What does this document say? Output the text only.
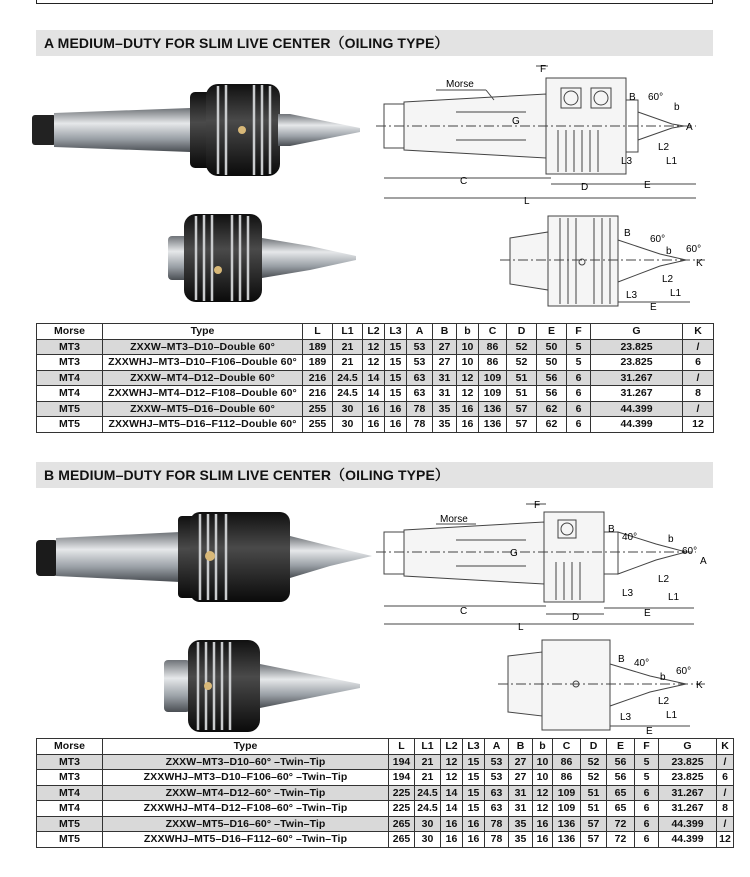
A MEDIUM–DUTY FOR SLIM LIVE CENTER（OILING TYPE）
Morse
F
B 60°
b
A
G
L3
L2
L1
C
D	E
L
B
60°
60°
K
b
L3
L2
L1
E
Morse	Type	L	L1	L2	L3	A	B	b	C	D	E	F	G	K
MT3	ZXXW–MT3–D10–Double 60°	189	21	12	15	53	27	10	86	52	50	5	23.825	/
MT3	ZXXWHJ–MT3–D10–F106–Double 60°	189	21	12	15	53	27	10	86	52	50	5	23.825	6
MT4	ZXXW–MT4–D12–Double 60°	216	24.5	14	15	63	31	12	109	51	56	6	31.267	/
MT4	ZXXWHJ–MT4–D12–F108–Double 60°	216	24.5	14	15	63	31	12	109	51	56	6	31.267	8
MT5	ZXXW–MT5–D16–Double 60°	255	30	16	16	78	35	16	136	57	62	6	44.399	/
MT5	ZXXWHJ–MT5–D16–F112–Double 60°	255	30	16	16	78	35	16	136	57	62	6	44.399	12
B MEDIUM–DUTY FOR SLIM LIVE CENTER（OILING TYPE）
Morse
F
B
40°
60°
b
A
G
L3
L2
L1
C
D	E
L
B 40°
60°
K
b
L3
L2
L1
E
Morse	Type	L	L1	L2	L3	A	B	b	C	D	E	F	G	K
MT3	ZXXW–MT3–D10–60° –Twin–Tip	194	21	12	15	53	27	10	86	52	56	5	23.825	/
MT3	ZXXWHJ–MT3–D10–F106–60° –Twin–Tip	194	21	12	15	53	27	10	86	52	56	5	23.825	6
MT4	ZXXW–MT4–D12–60° –Twin–Tip	225	24.5	14	15	63	31	12	109	51	65	6	31.267	/
MT4	ZXXWHJ–MT4–D12–F108–60° –Twin–Tip	225	24.5	14	15	63	31	12	109	51	65	6	31.267	8
MT5	ZXXW–MT5–D16–60° –Twin–Tip	265	30	16	16	78	35	16	136	57	72	6	44.399	/
MT5	ZXXWHJ–MT5–D16–F112–60° –Twin–Tip	265	30	16	16	78	35	16	136	57	72	6	44.399	12
